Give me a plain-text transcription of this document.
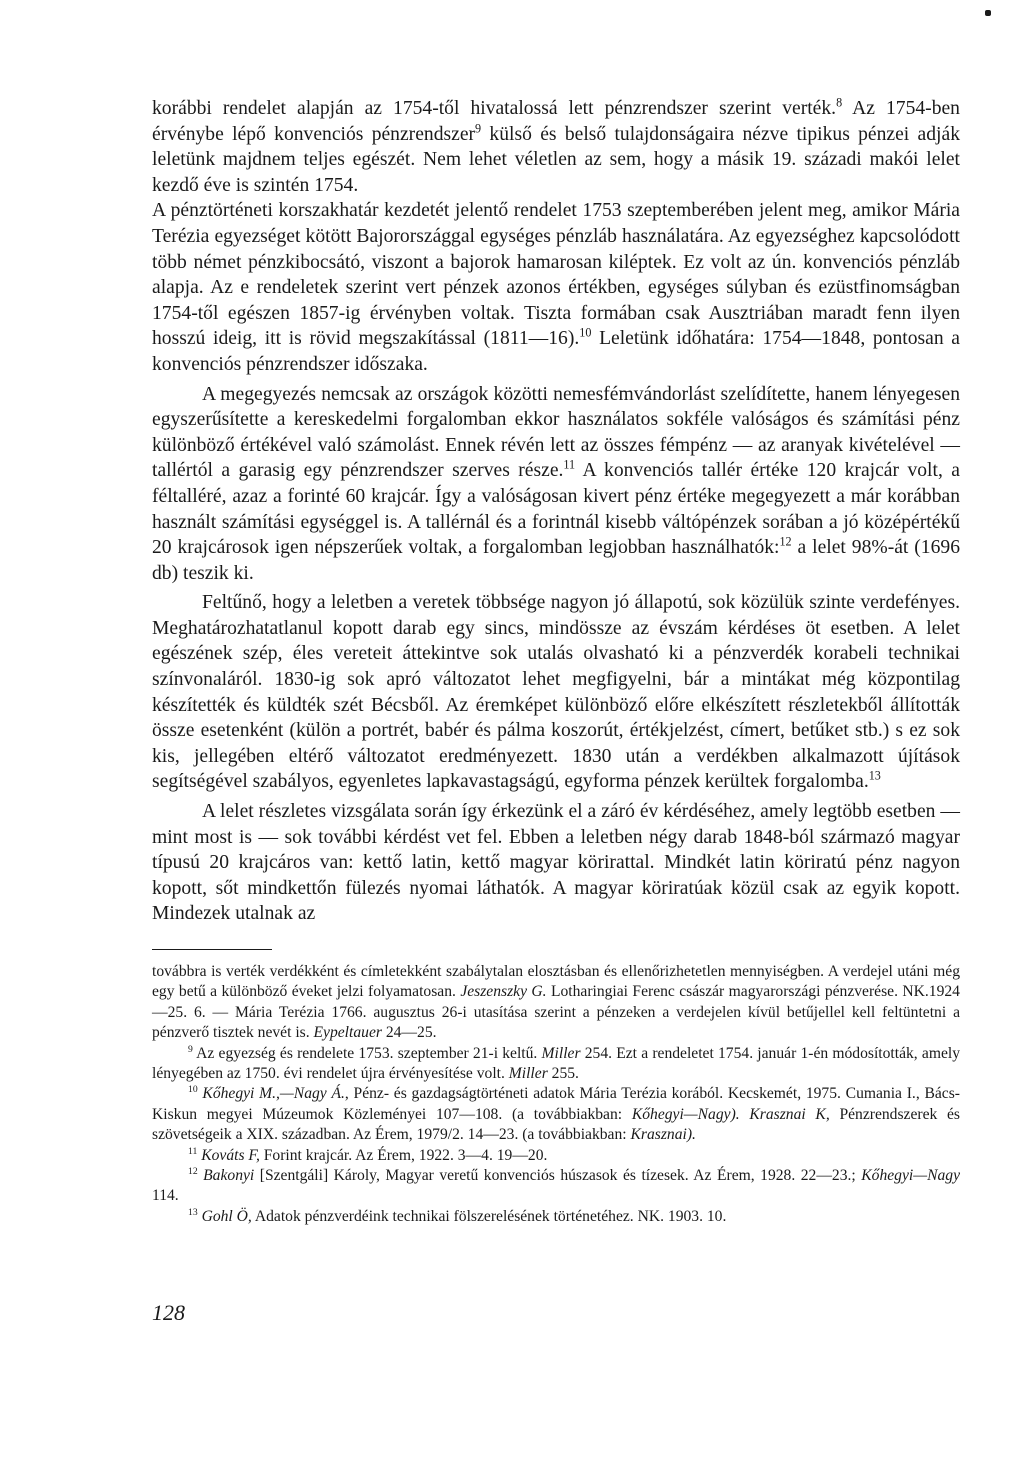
korábbi rendelet alapján az 1754-től hivatalossá lett pénzrendszer szerint verték.$^8$ Az 1754-ben érvénybe lépő konvenciós pénzrendszer$^9$ külső és belső tulajdonságaira nézve tipikus pénzei adják leletünk majdnem teljes egészét. Nem lehet véletlen az sem, hogy a másik 19. századi makói lelet kezdő éve is szintén 1754.

A pénztörténeti korszakhatár kezdetét jelentő rendelet 1753 szeptemberében jelent meg, amikor Mária Terézia egyezséget kötött Bajorországgal egységes pénzláb használatára. Az egyezséghez kapcsolódott több német pénzkibocsátó, viszont a bajorok hamarosan kiléptek. Ez volt az ún. konvenciós pénzláb alapja. Az e rendeletek szerint vert pénzek azonos értékben, egységes súlyban és ezüstfinomságban 1754-től egészen 1857-ig érvényben voltak. Tiszta formában csak Ausztriában maradt fenn ilyen hosszú ideig, itt is rövid megszakítással (1811—16).$^{10}$ Leletünk időhatára: 1754—1848, pontosan a konvenciós pénzrendszer időszaka.

A megegyezés nemcsak az országok közötti nemesfémvándorlást szelídítette, hanem lényegesen egyszerűsítette a kereskedelmi forgalomban ekkor használatos sokféle valóságos és számítási pénz különböző értékével való számolást. Ennek révén lett az összes fémpénz — az aranyak kivételével — tallértól a garasig egy pénzrendszer szerves része.$^{11}$ A konvenciós tallér értéke 120 krajcár volt, a féltalléré, azaz a forinté 60 krajcár. Így a valóságosan kivert pénz értéke megegyezett a már korábban használt számítási egységgel is. A tallérnál és a forintnál kisebb váltópénzek sorában a jó középértékű 20 krajcárosok igen népszerűek voltak, a forgalomban legjobban használhatók:$^{12}$ a lelet 98%-át (1696 db) teszik ki.

Feltűnő, hogy a leletben a veretek többsége nagyon jó állapotú, sok közülük szinte verdefényes. Meghatározhatatlanul kopott darab egy sincs, mindössze az évszám kérdéses öt esetben. A lelet egészének szép, éles vereteit áttekintve sok utalás olvasható ki a pénzverdék korabeli technikai színvonaláról. 1830-ig sok apró változatot lehet megfigyelni, bár a mintákat még központilag készítették és küldték szét Bécsből. Az éremképet különböző előre elkészített részletekből állították össze esetenként (külön a portrét, babér és pálma koszorút, értékjelzést, címert, betűket stb.) s ez sok kis, jellegében eltérő változatot eredményezett. 1830 után a verdékben alkalmazott újítások segítségével szabályos, egyenletes lapkavastagságú, egyforma pénzek kerültek forgalomba.$^{13}$

A lelet részletes vizsgálata során így érkezünk el a záró év kérdéséhez, amely legtöbb esetben — mint most is — sok további kérdést vet fel. Ebben a leletben négy darab 1848-ból származó magyar típusú 20 krajcáros van: kettő latin, kettő magyar körirattal. Mindkét latin köriratú pénz nagyon kopott, sőt mindkettőn fülezés nyomai láthatók. A magyar köriratúak közül csak az egyik kopott. Mindezek utalnak az

továbbra is verték verdékként és címletekként szabálytalan elosztásban és ellenőrizhetetlen mennyiségben. A verdejel utáni még egy betű a különböző éveket jelzi folyamatosan. Jeszenszky G. Lotharingiai Ferenc császár magyarországi pénzverése. NK.1924—25. 6. — Mária Terézia 1766. augusztus 26-i utasítása szerint a pénzeken a verdejelen kívül betűjellel kell feltüntetni a pénzverő tisztek nevét is. Eypeltauer 24—25.

$^9$ Az egyezség és rendelete 1753. szeptember 21-i keltű. Miller 254. Ezt a rendeletet 1754. január 1-én módosították, amely lényegében az 1750. évi rendelet újra érvényesítése volt. Miller 255.

$^{10}$ Kőhegyi M.,—Nagy Á., Pénz- és gazdagságtörténeti adatok Mária Terézia korából. Kecskemét, 1975. Cumania I., Bács-Kiskun megyei Múzeumok Közleményei 107—108. (a továbbiakban: Kőhegyi—Nagy). Krasznai K, Pénzrendszerek és szövetségeik a XIX. században. Az Érem, 1979/2. 14—23. (a továbbiakban: Krasznai).

$^{11}$ Kováts F, Forint krajcár. Az Érem, 1922. 3—4. 19—20.

$^{12}$ Bakonyi [Szentgáli] Károly, Magyar veretű konvenciós húszasok és tízesek. Az Érem, 1928. 22—23.; Kőhegyi—Nagy 114.

$^{13}$ Gohl Ö, Adatok pénzverdéink technikai fölszerelésének történetéhez. NK. 1903. 10.

128
